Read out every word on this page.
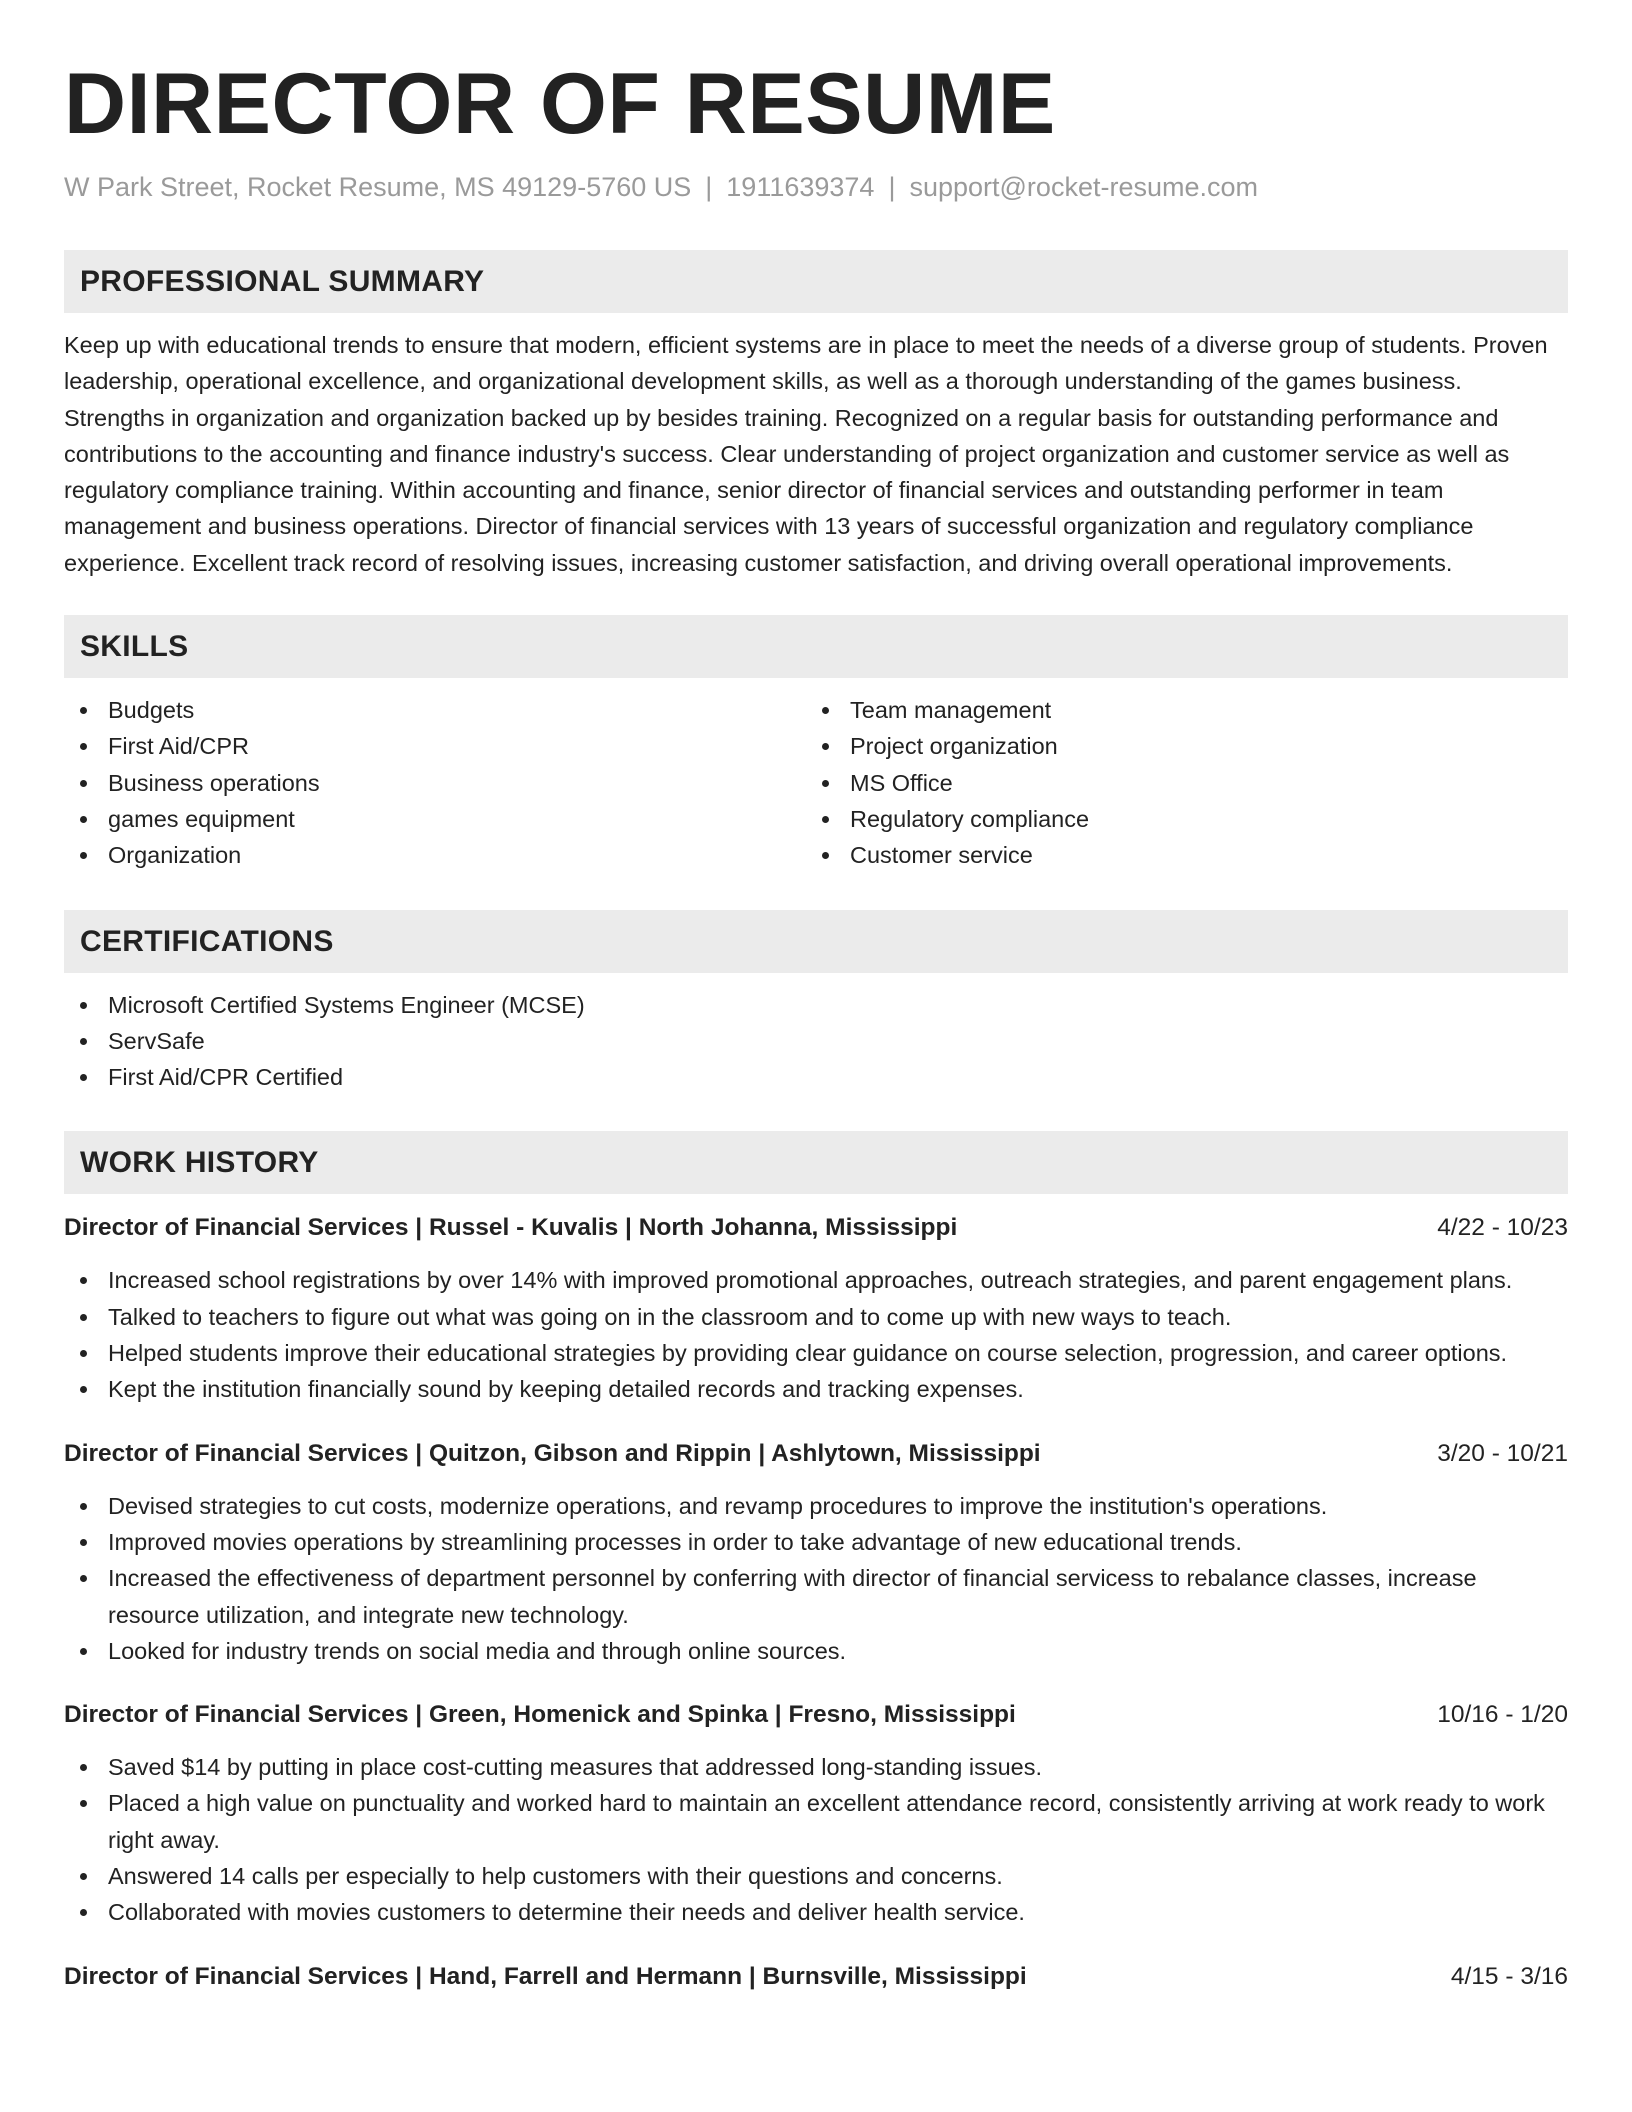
DIRECTOR OF RESUME
W Park Street, Rocket Resume, MS 49129-5760 US | 1911639374 | support@rocket-resume.com
PROFESSIONAL SUMMARY

Keep up with educational trends to ensure that modern, efficient systems are in place to meet the needs of a diverse group of students. Proven leadership, operational excellence, and organizational development skills, as well as a thorough understanding of the games business. Strengths in organization and organization backed up by besides training. Recognized on a regular basis for outstanding performance and contributions to the accounting and finance industry's success. Clear understanding of project organization and customer service as well as regulatory compliance training. Within accounting and finance, senior director of financial services and outstanding performer in team management and business operations. Director of financial services with 13 years of successful organization and regulatory compliance experience. Excellent track record of resolving issues, increasing customer satisfaction, and driving overall operational improvements.

SKILLS
Budgets
First Aid/CPR
Business operations
games equipment
Organization
Team management
Project organization
MS Office
Regulatory compliance
Customer service
CERTIFICATIONS
Microsoft Certified Systems Engineer (MCSE)
ServSafe
First Aid/CPR Certified
WORK HISTORY
Director of Financial Services | Russel - Kuvalis | North Johanna, Mississippi	4/22 - 10/23
Increased school registrations by over 14% with improved promotional approaches, outreach strategies, and parent engagement plans.
Talked to teachers to figure out what was going on in the classroom and to come up with new ways to teach.
Helped students improve their educational strategies by providing clear guidance on course selection, progression, and career options.
Kept the institution financially sound by keeping detailed records and tracking expenses.
Director of Financial Services | Quitzon, Gibson and Rippin | Ashlytown, Mississippi	3/20 - 10/21
Devised strategies to cut costs, modernize operations, and revamp procedures to improve the institution's operations.
Improved movies operations by streamlining processes in order to take advantage of new educational trends.
Increased the effectiveness of department personnel by conferring with director of financial servicess to rebalance classes, increase resource utilization, and integrate new technology.
Looked for industry trends on social media and through online sources.
Director of Financial Services | Green, Homenick and Spinka | Fresno, Mississippi	10/16 - 1/20
Saved $14 by putting in place cost-cutting measures that addressed long-standing issues.
Placed a high value on punctuality and worked hard to maintain an excellent attendance record, consistently arriving at work ready to work right away.
Answered 14 calls per especially to help customers with their questions and concerns.
Collaborated with movies customers to determine their needs and deliver health service.
Director of Financial Services | Hand, Farrell and Hermann | Burnsville, Mississippi	4/15 - 3/16
